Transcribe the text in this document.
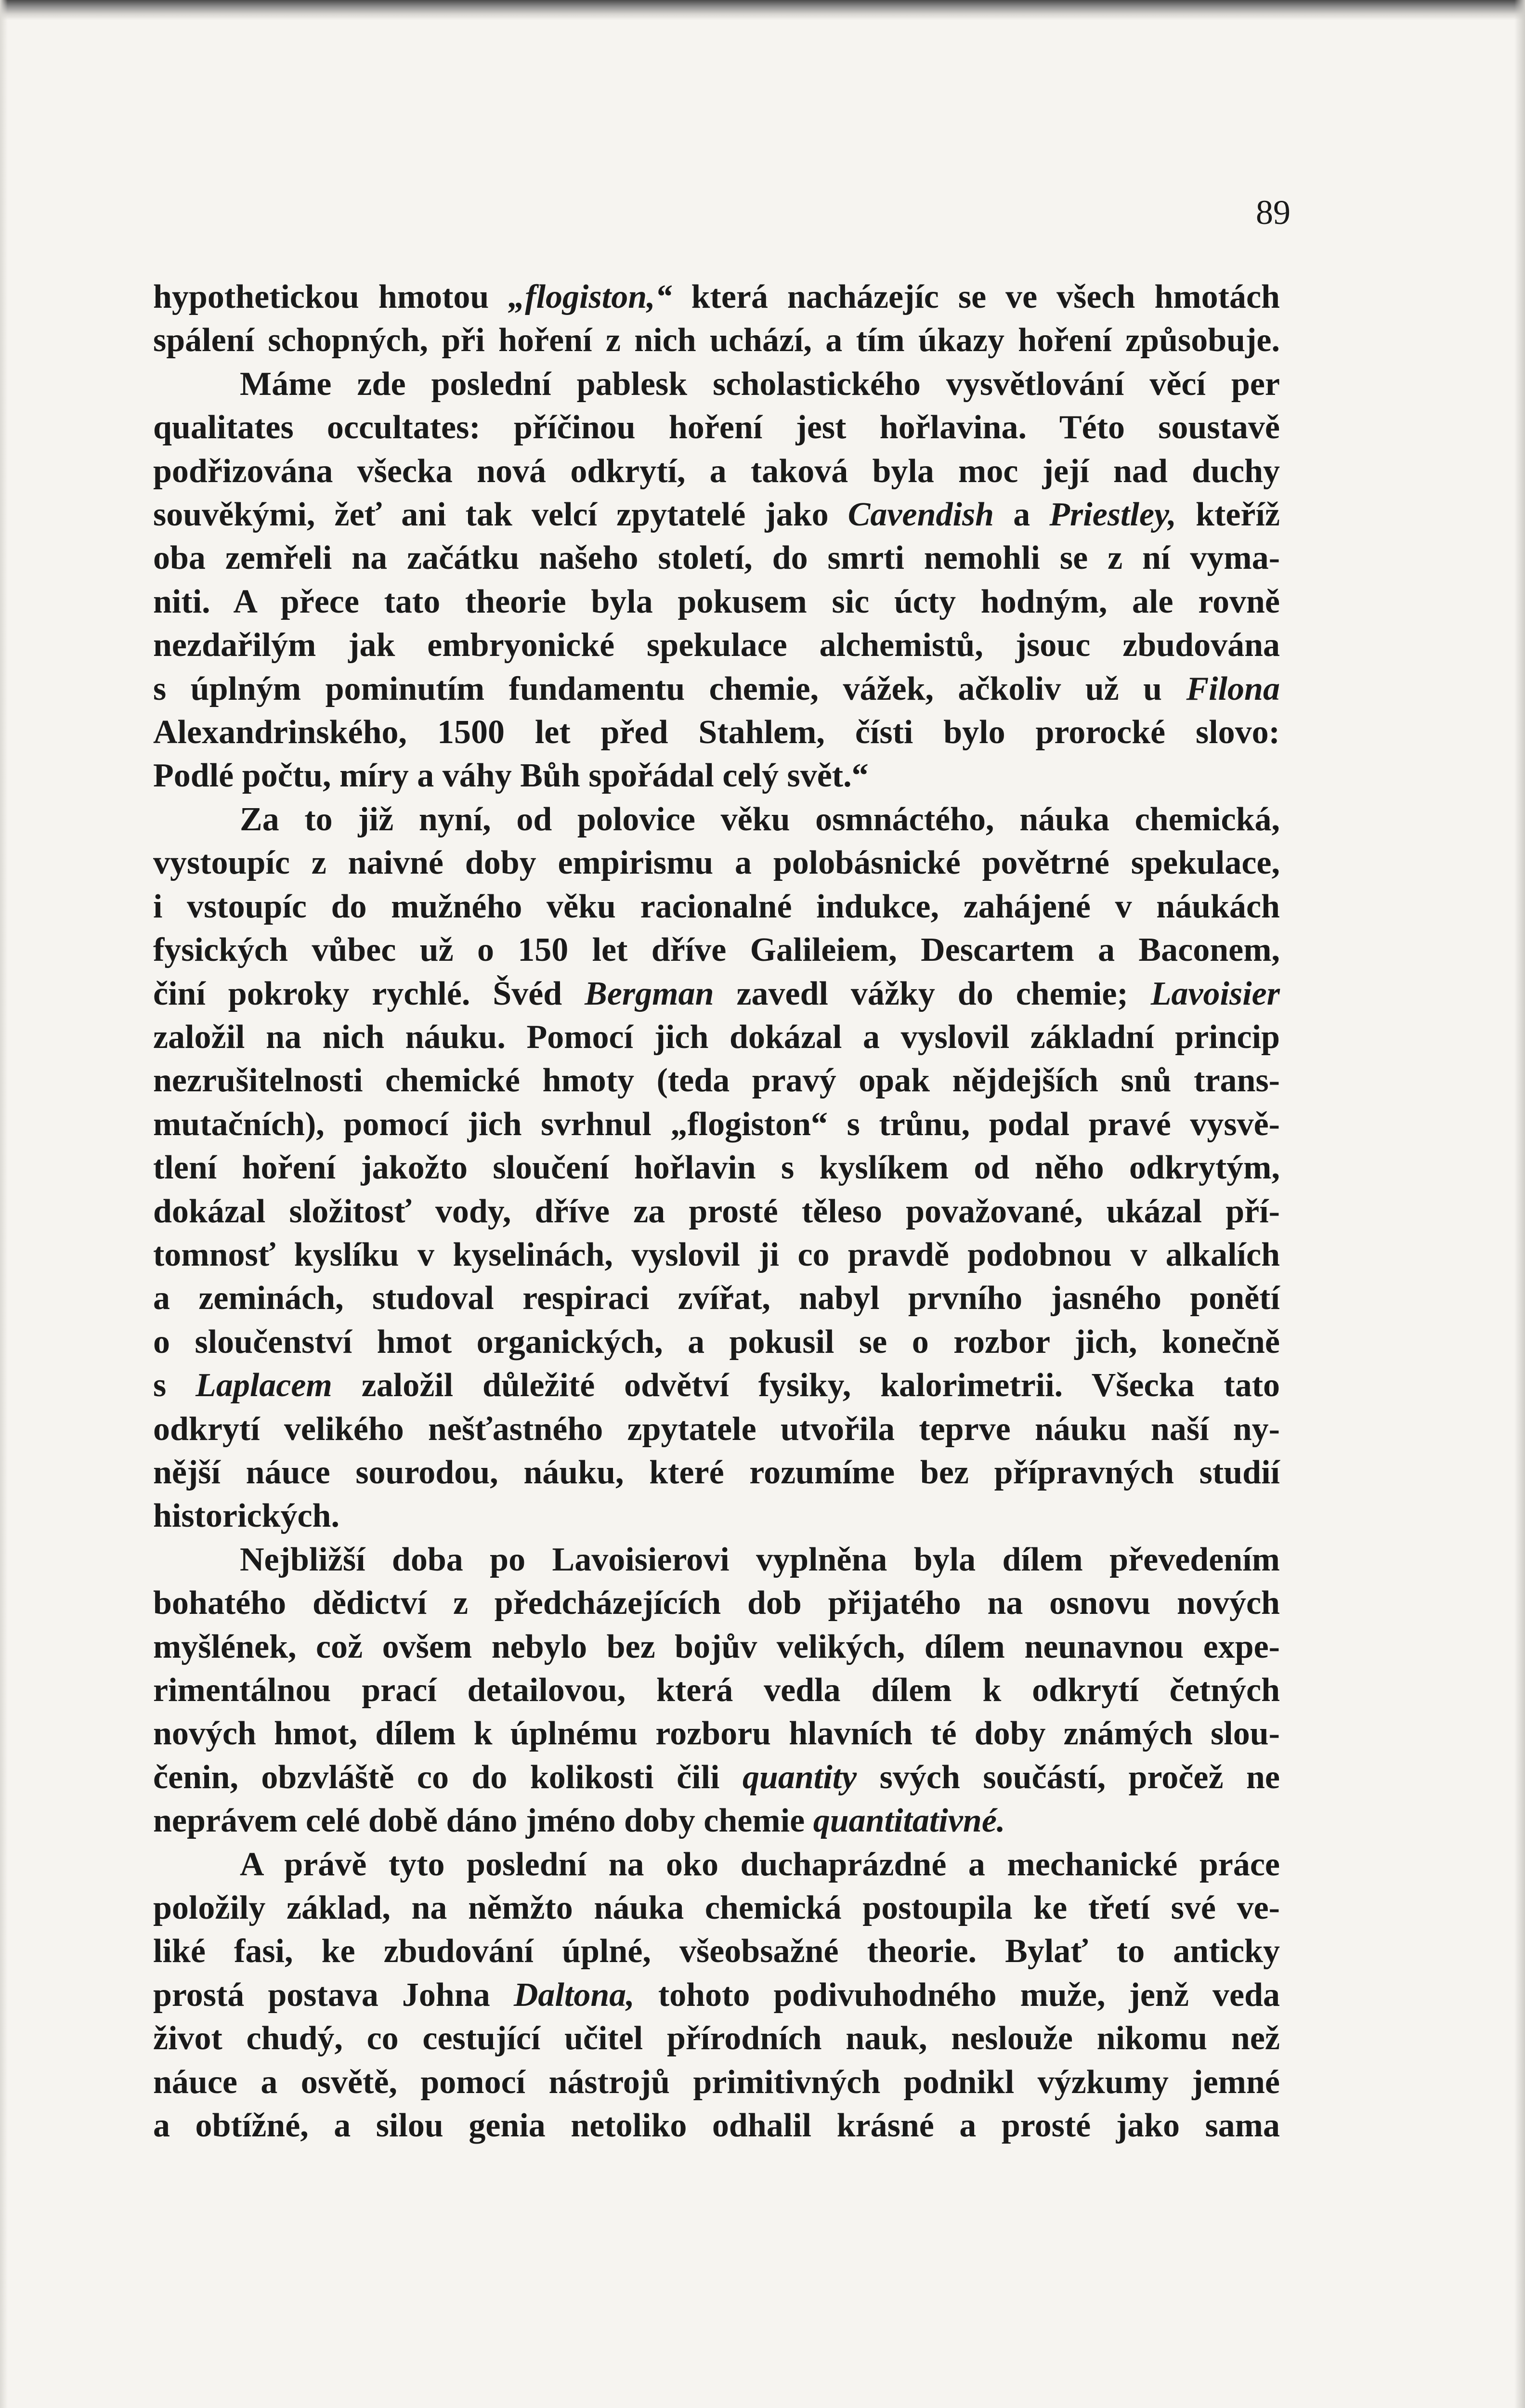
89
hypothetickou hmotou „flogiston,“ která nacházejíc se ve všech hmotách
spálení schopných, při hoření z nich uchází, a tím úkazy hoření způsobuje.
Máme zde poslední pablesk scholastického vysvětlování věcí per
qualitates occultates: příčinou hoření jest hořlavina. Této soustavě
podřizována všecka nová odkrytí, a taková byla moc její nad duchy
souvěkými, žeť ani tak velcí zpytatelé jako Cavendish a Priestley, kteříž
oba zemřeli na začátku našeho století, do smrti nemohli se z ní vyma-
niti. A přece tato theorie byla pokusem sic úcty hodným, ale rovně
nezdařilým jak embryonické spekulace alchemistů, jsouc zbudována
s úplným pominutím fundamentu chemie, vážek, ačkoliv už u Filona
Alexandrinského, 1500 let před Stahlem, čísti bylo prorocké slovo:
Podlé počtu, míry a váhy Bůh spořádal celý svět.“
Za to již nyní, od polovice věku osmnáctého, náuka chemická,
vystoupíc z naivné doby empirismu a polobásnické povětrné spekulace,
i vstoupíc do mužného věku racionalné indukce, zahájené v náukách
fysických vůbec už o 150 let dříve Galileiem, Descartem a Baconem,
činí pokroky rychlé. Švéd Bergman zavedl vážky do chemie; Lavoisier
založil na nich náuku. Pomocí jich dokázal a vyslovil základní princip
nezrušitelnosti chemické hmoty (teda pravý opak nějdejších snů trans-
mutačních), pomocí jich svrhnul „flogiston“ s trůnu, podal pravé vysvě-
tlení hoření jakožto sloučení hořlavin s kyslíkem od něho odkrytým,
dokázal složitosť vody, dříve za prosté těleso považované, ukázal pří-
tomnosť kyslíku v kyselinách, vyslovil ji co pravdě podobnou v alkalích
a zeminách, studoval respiraci zvířat, nabyl prvního jasného ponětí
o sloučenství hmot organických, a pokusil se o rozbor jich, konečně
s Laplacem založil důležité odvětví fysiky, kalorimetrii. Všecka tato
odkrytí velikého nešťastného zpytatele utvořila teprve náuku naší ny-
nější náuce sourodou, náuku, které rozumíme bez přípravných studií
historických.
Nejbližší doba po Lavoisierovi vyplněna byla dílem převedením
bohatého dědictví z předcházejících dob přijatého na osnovu nových
myšlének, což ovšem nebylo bez bojův velikých, dílem neunavnou expe-
rimentálnou prací detailovou, která vedla dílem k odkrytí četných
nových hmot, dílem k úplnému rozboru hlavních té doby známých slou-
čenin, obzvláště co do kolikosti čili quantity svých součástí, pročež ne
neprávem celé době dáno jméno doby chemie quantitativné.
A právě tyto poslední na oko duchaprázdné a mechanické práce
položily základ, na němžto náuka chemická postoupila ke třetí své ve-
liké fasi, ke zbudování úplné, všeobsažné theorie. Bylať to anticky
prostá postava Johna Daltona, tohoto podivuhodného muže, jenž veda
život chudý, co cestující učitel přírodních nauk, neslouže nikomu než
náuce a osvětě, pomocí nástrojů primitivných podnikl výzkumy jemné
a obtížné, a silou genia netoliko odhalil krásné a prosté jako sama
